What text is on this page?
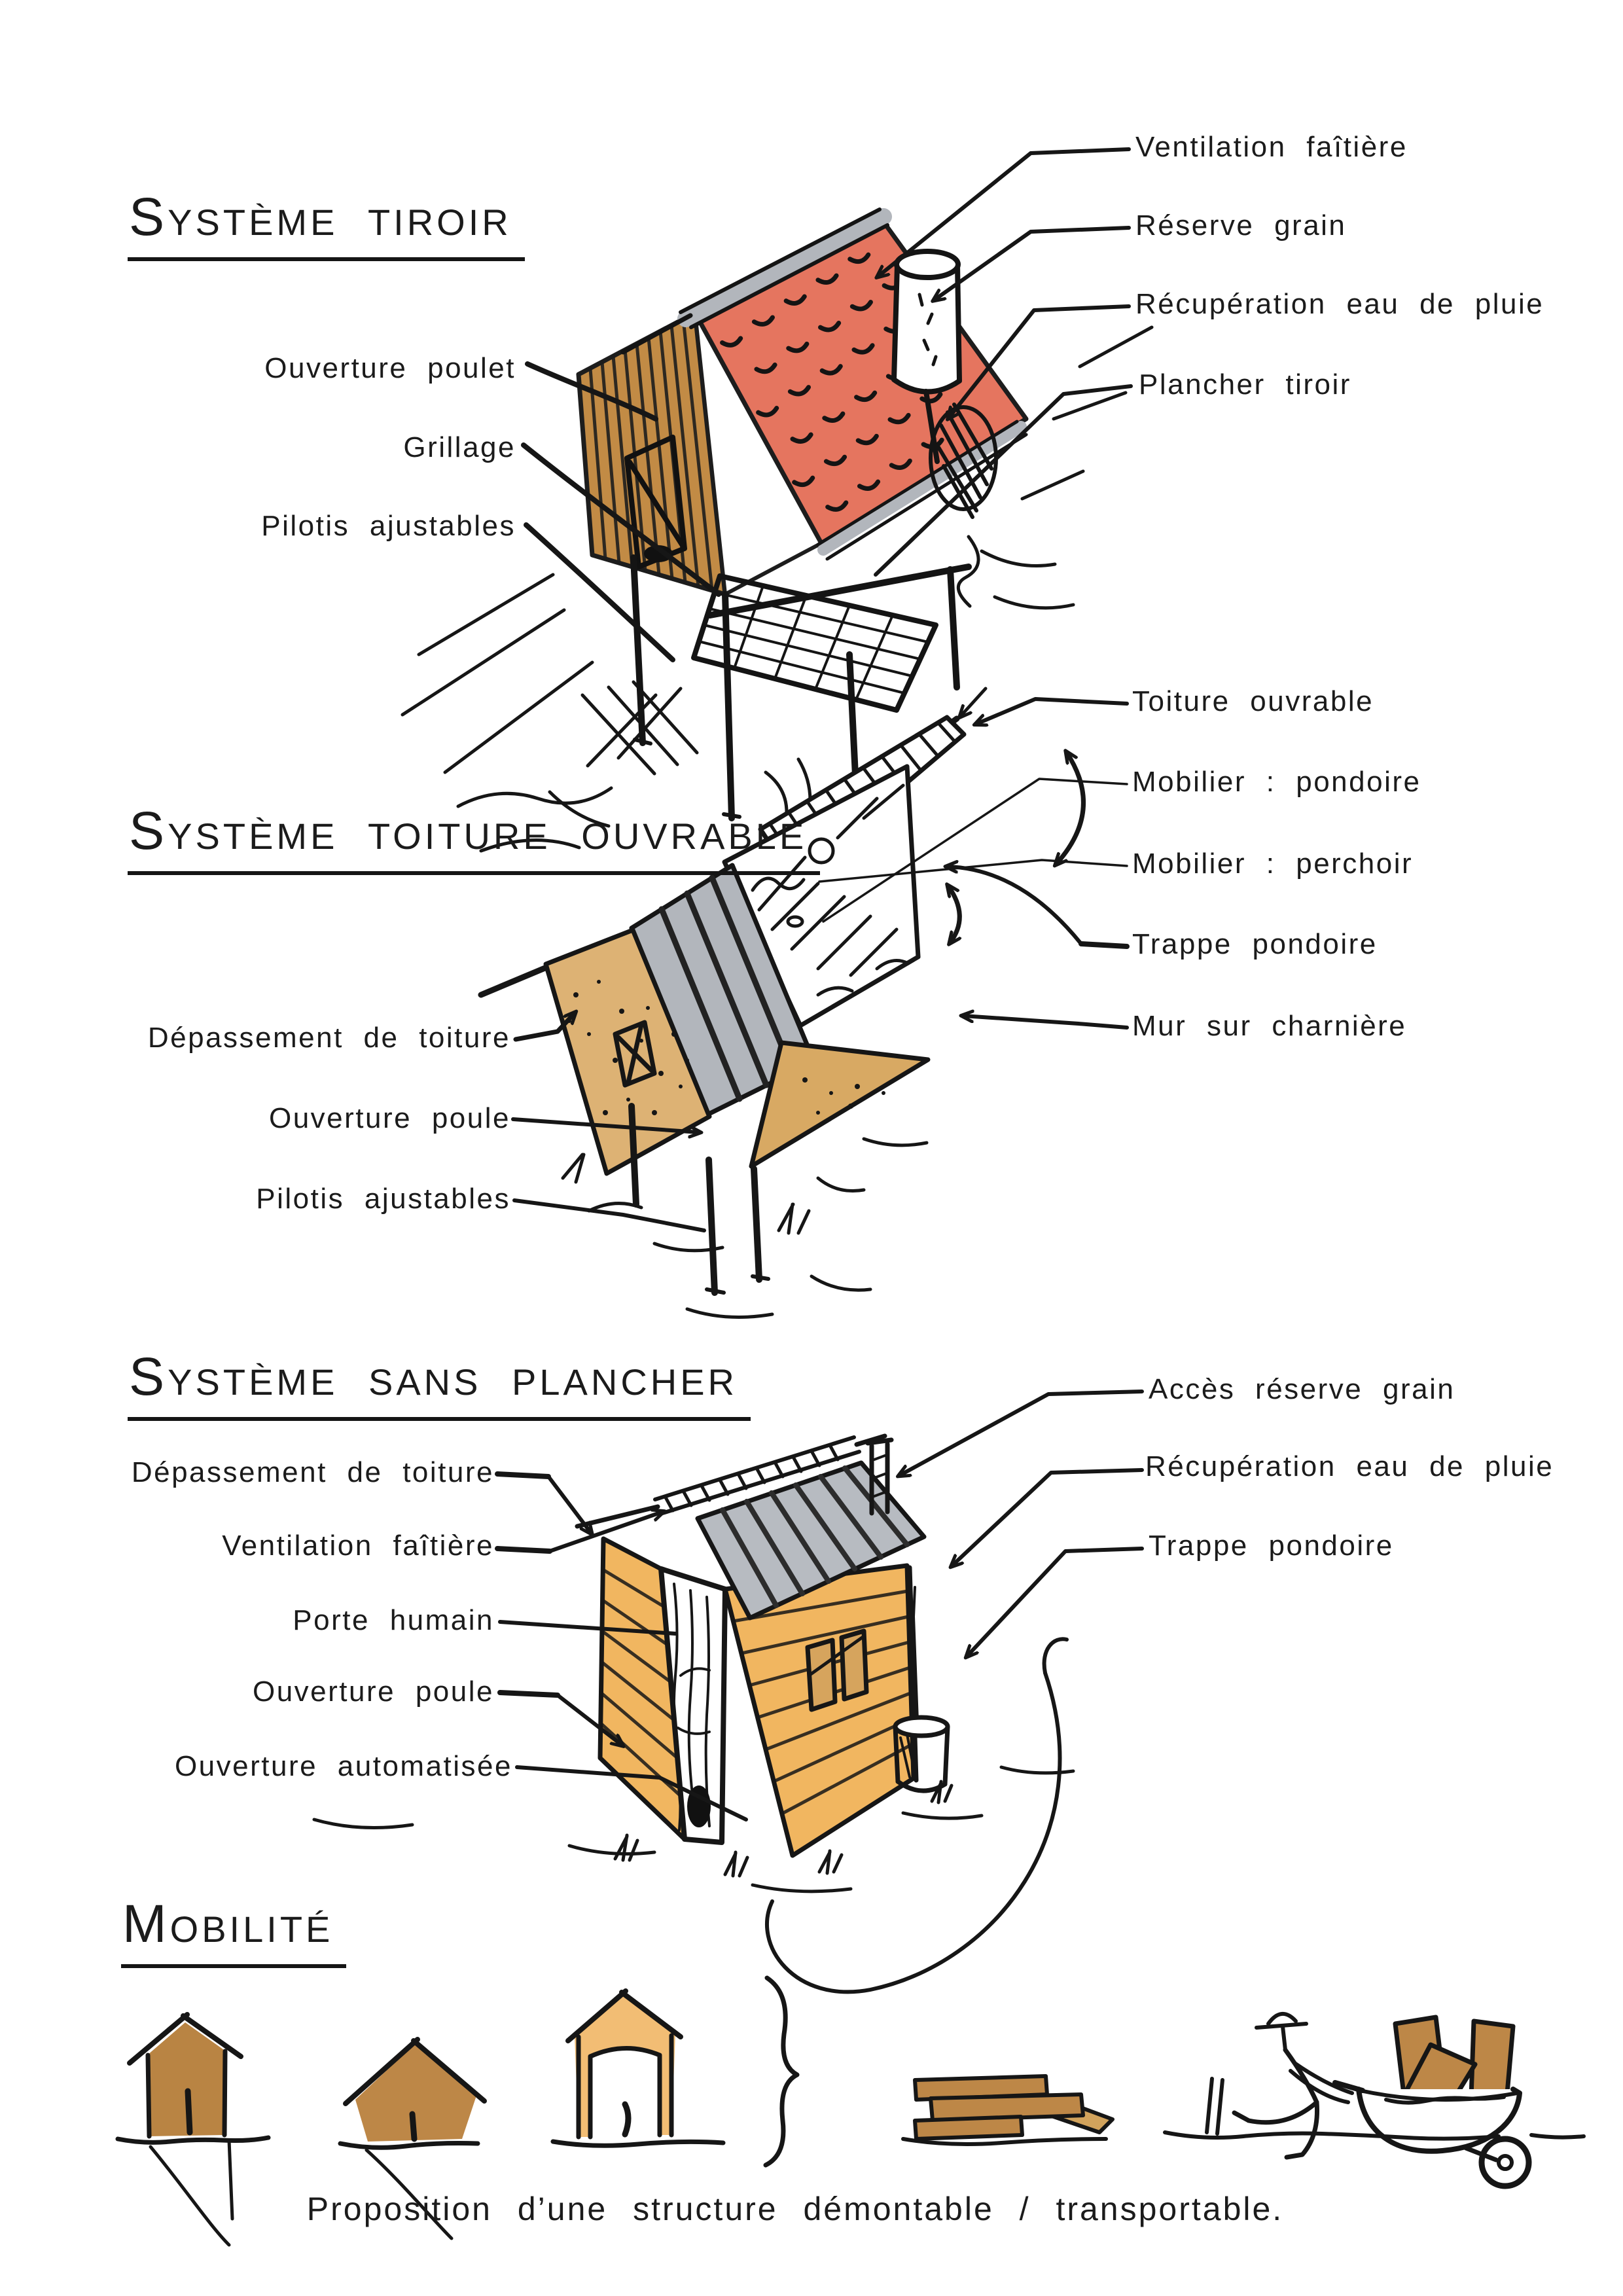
SYSTÈME TIROIR
SYSTÈME TOITURE OUVRABLE
SYSTÈME SANS PLANCHER
MOBILITÉ
Ventilation faîtière
Réserve grain
Récupération eau de pluie
Plancher tiroir
Ouverture poulet
Grillage
Pilotis ajustables
Toiture ouvrable
Mobilier : pondoire
Mobilier : perchoir
Trappe pondoire
Mur sur charnière
Dépassement de toiture
Ouverture poule
Pilotis ajustables
Accès réserve grain
Récupération eau de pluie
Trappe pondoire
Dépassement de toiture
Ventilation faîtière
Porte humain
Ouverture poule
Ouverture automatisée
Proposition d’une structure démontable / transportable.
